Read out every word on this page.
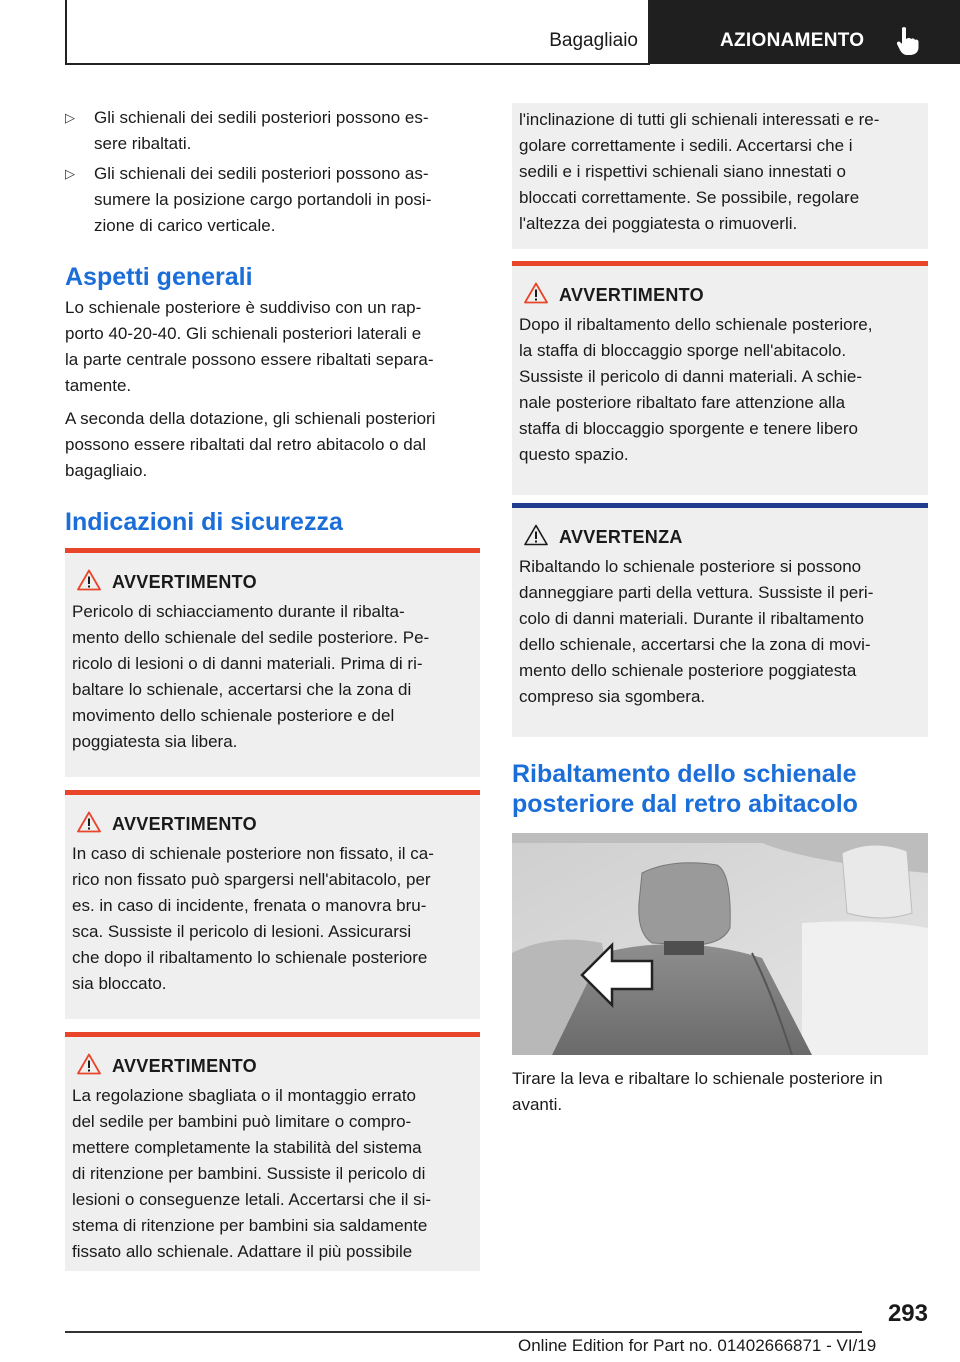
Bagagliaio	AZIONAMENTO
▷ Gli schienali dei sedili posteriori possono es-
sere ribaltati.
▷ Gli schienali dei sedili posteriori possono as-
sumere la posizione cargo portandoli in posi-
zione di carico verticale.
Aspetti generali
Lo schienale posteriore è suddiviso con un rap-
porto 40-20-40. Gli schienali posteriori laterali e
la parte centrale possono essere ribaltati separa-
tamente.
A seconda della dotazione, gli schienali posteriori
possono essere ribaltati dal retro abitacolo o dal
bagagliaio.
Indicazioni di sicurezza
AVVERTIMENTO
Pericolo di schiacciamento durante il ribalta-
mento dello schienale del sedile posteriore. Pe-
ricolo di lesioni o di danni materiali. Prima di ri-
baltare lo schienale, accertarsi che la zona di
movimento dello schienale posteriore e del
poggiatesta sia libera.
AVVERTIMENTO
In caso di schienale posteriore non fissato, il ca-
rico non fissato può spargersi nell'abitacolo, per
es. in caso di incidente, frenata o manovra bru-
sca. Sussiste il pericolo di lesioni. Assicurarsi
che dopo il ribaltamento lo schienale posteriore
sia bloccato.
AVVERTIMENTO
La regolazione sbagliata o il montaggio errato
del sedile per bambini può limitare o compro-
mettere completamente la stabilità del sistema
di ritenzione per bambini. Sussiste il pericolo di
lesioni o conseguenze letali. Accertarsi che il si-
stema di ritenzione per bambini sia saldamente
fissato allo schienale. Adattare il più possibile
l'inclinazione di tutti gli schienali interessati e re-
golare correttamente i sedili. Accertarsi che i
sedili e i rispettivi schienali siano innestati o
bloccati correttamente. Se possibile, regolare
l'altezza dei poggiatesta o rimuoverli.
AVVERTIMENTO
Dopo il ribaltamento dello schienale posteriore,
la staffa di bloccaggio sporge nell'abitacolo.
Sussiste il pericolo di danni materiali. A schie-
nale posteriore ribaltato fare attenzione alla
staffa di bloccaggio sporgente e tenere libero
questo spazio.
AVVERTENZA
Ribaltando lo schienale posteriore si possono
danneggiare parti della vettura. Sussiste il peri-
colo di danni materiali. Durante il ribaltamento
dello schienale, accertarsi che la zona di movi-
mento dello schienale posteriore poggiatesta
compreso sia sgombera.
Ribaltamento dello schienale
posteriore dal retro abitacolo
Tirare la leva e ribaltare lo schienale posteriore in
avanti.
293
Online Edition for Part no. 01402666871 - VI/19
